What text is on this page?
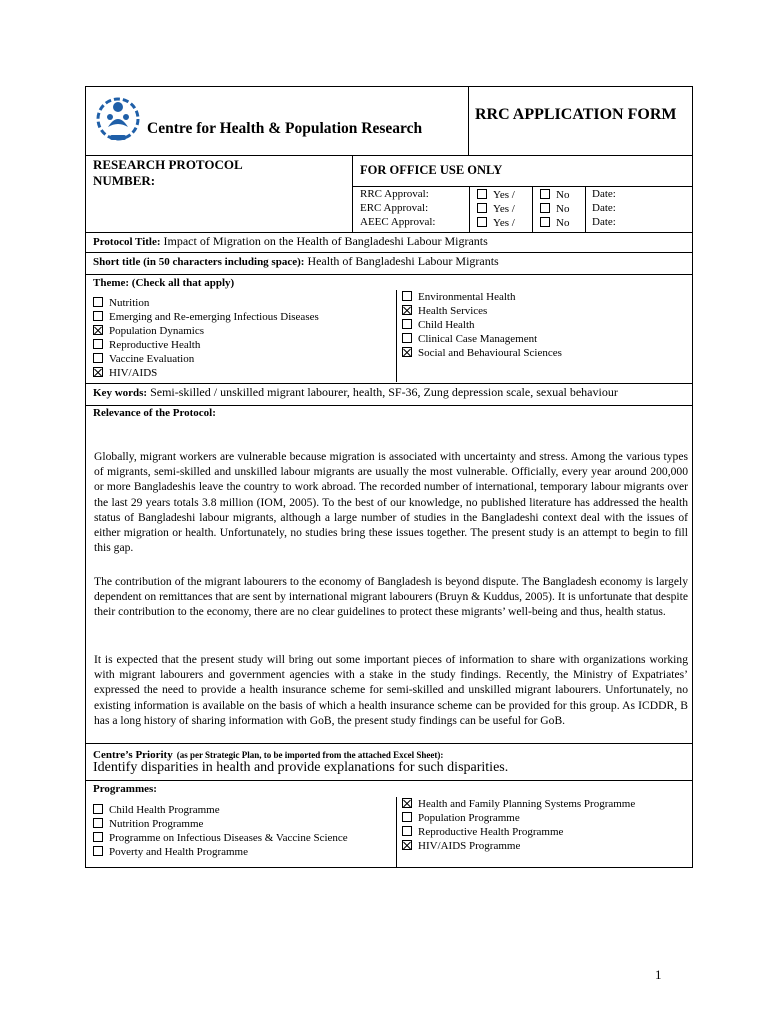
Centre for Health & Population Research
RRC APPLICATION FORM
RESEARCH PROTOCOL NUMBER:
FOR OFFICE USE ONLY
RRC Approval:	Yes /	No Date:
ERC Approval:	Yes /	No Date:
AEEC Approval:	Yes /	No Date:
Protocol Title: Impact of Migration on the Health of Bangladeshi Labour Migrants
Short title (in 50 characters including space): Health of Bangladeshi Labour Migrants
Theme: (Check all that apply)
Nutrition
Emerging and Re-emerging Infectious Diseases
Population Dynamics
Reproductive Health
Vaccine Evaluation
HIV/AIDS
Environmental Health
Health Services
Child Health
Clinical Case Management
Social and Behavioural Sciences
Key words: Semi-skilled / unskilled migrant labourer, health, SF-36, Zung depression scale, sexual behaviour
Relevance of the Protocol:
Globally, migrant workers are vulnerable because migration is associated with uncertainty and stress. Among the various types of migrants, semi-skilled and unskilled labour migrants are usually the most vulnerable. Officially, every year around 200,000 or more Bangladeshis leave the country to work abroad. The recorded number of international, temporary labour migrants over the last 29 years totals 3.8 million (IOM, 2005). To the best of our knowledge, no published literature has addressed the health status of Bangladeshi labour migrants, although a large number of studies in the Bangladeshi context deal with the issues of either migration or health. Unfortunately, no studies bring these issues together. The present study is an attempt to begin to fill this gap.
The contribution of the migrant labourers to the economy of Bangladesh is beyond dispute. The Bangladesh economy is largely dependent on remittances that are sent by international migrant labourers (Bruyn & Kuddus, 2005). It is unfortunate that despite their contribution to the economy, there are no clear guidelines to protect these migrants’ well-being and thus, health status.
It is expected that the present study will bring out some important pieces of information to share with organizations working with migrant labourers and government agencies with a stake in the study findings. Recently, the Ministry of Expatriates’ expressed the need to provide a health insurance scheme for semi-skilled and unskilled migrant labourers. Unfortunately, no existing information is available on the basis of which a health insurance scheme can be provided for this group. As ICDDR, B has a long history of sharing information with GoB, the present study findings can be useful for GoB.
Centre’s Priority (as per Strategic Plan, to be imported from the attached Excel Sheet):
Identify disparities in health and provide explanations for such disparities.
Programmes:
Child Health Programme
Nutrition Programme
Programme on Infectious Diseases & Vaccine Science
Poverty and Health Programme
Health and Family Planning Systems Programme
Population Programme
Reproductive Health Programme
HIV/AIDS Programme
1
